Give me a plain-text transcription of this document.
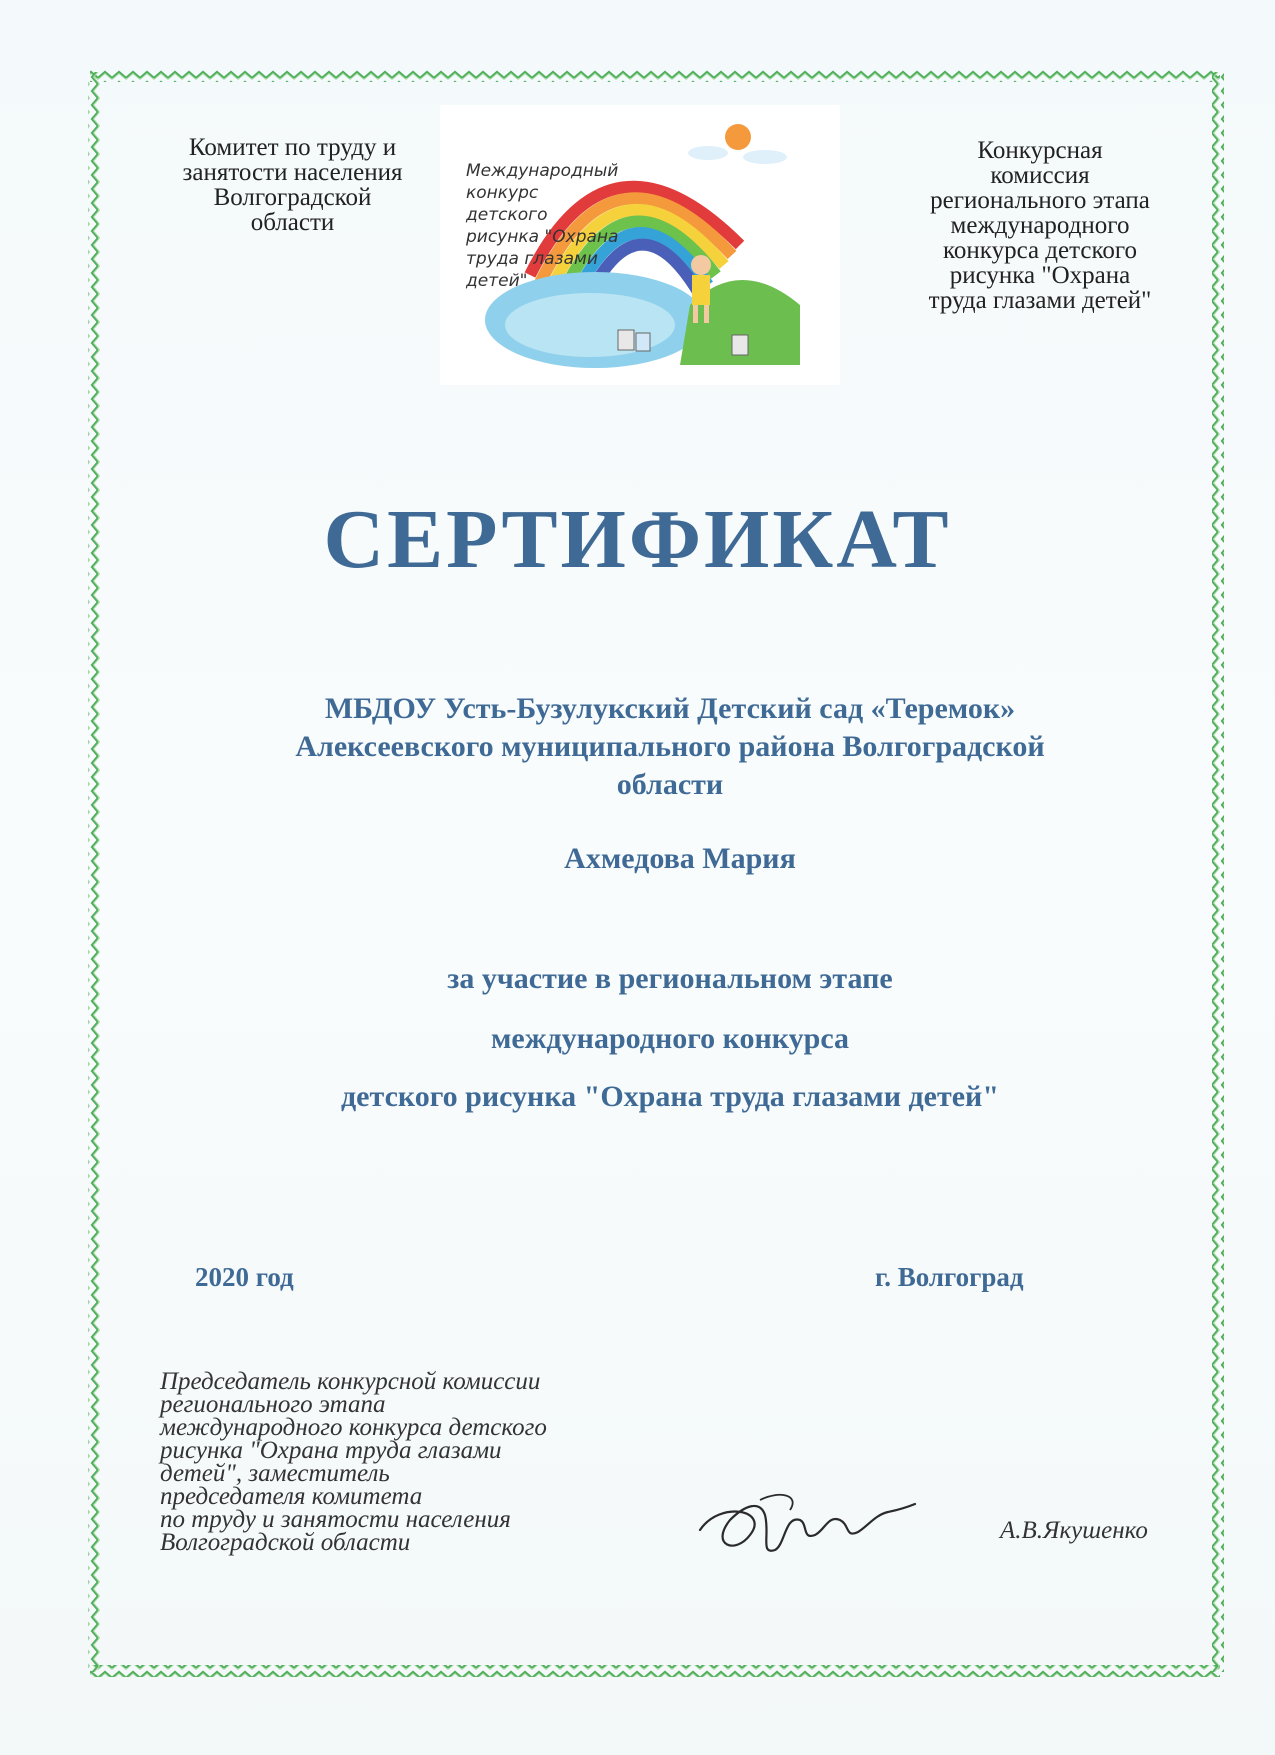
Комитет по труду и
занятости населения
Волгоградской
области
Международный
конкурс
детского
рисунка "Охрана
труда глазами
детей"
Конкурсная
комиссия
регионального этапа
международного
конкурса детского
рисунка "Охрана
труда глазами детей"
СЕРТИФИКАТ
МБДОУ Усть-Бузулукский Детский сад «Теремок»
Алексеевского муниципального района Волгоградской
области
Ахмедова Мария
за участие в региональном этапе
международного конкурса
детского рисунка "Охрана труда глазами детей"
2020 год	г. Волгоград
Председатель конкурсной комиссии
регионального этапа
международного конкурса детского
рисунка "Охрана труда глазами
детей", заместитель
председателя комитета
по труду и занятости населения
Волгоградской области	А.В.Якушенко
